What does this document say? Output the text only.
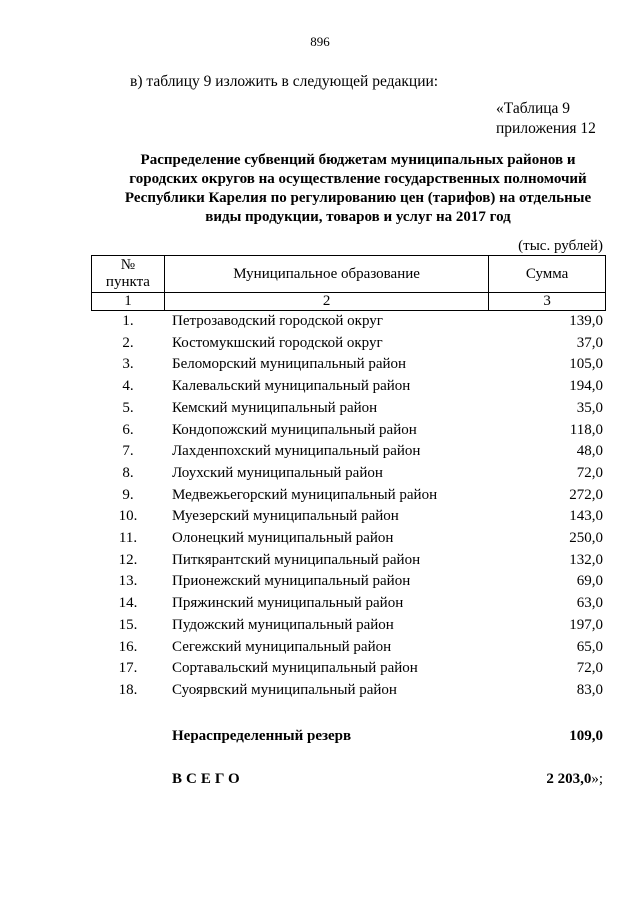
896
в) таблицу 9 изложить в следующей редакции:
«Таблица 9
приложения 12
Распределение субвенций бюджетам муниципальных районов и
городских округов на осуществление государственных полномочий
Республики Карелия по регулированию цен (тарифов) на отдельные
виды продукции, товаров и услуг на 2017 год
(тыс. рублей)
№
пункта	Муниципальное образование	Сумма
1	2	3
1.	Петрозаводский городской округ	139,0
2.	Костомукшский городской округ	37,0
3.	Беломорский муниципальный район	105,0
4.	Калевальский муниципальный район	194,0
5.	Кемский муниципальный район	35,0
6.	Кондопожский муниципальный район	118,0
7.	Лахденпохский муниципальный район	48,0
8.	Лоухский муниципальный район	72,0
9.	Медвежьегорский муниципальный район	272,0
10.	Муезерский муниципальный район	143,0
11.	Олонецкий муниципальный район	250,0
12.	Питкярантский муниципальный район	132,0
13.	Прионежский муниципальный район	69,0
14.	Пряжинский муниципальный район	63,0
15.	Пудожский муниципальный район	197,0
16.	Сегежский муниципальный район	65,0
17.	Сортавальский муниципальный район	72,0
18.	Суоярвский муниципальный район	83,0
Нераспределенный резерв	109,0
ВСЕГО	2 203,0»;
